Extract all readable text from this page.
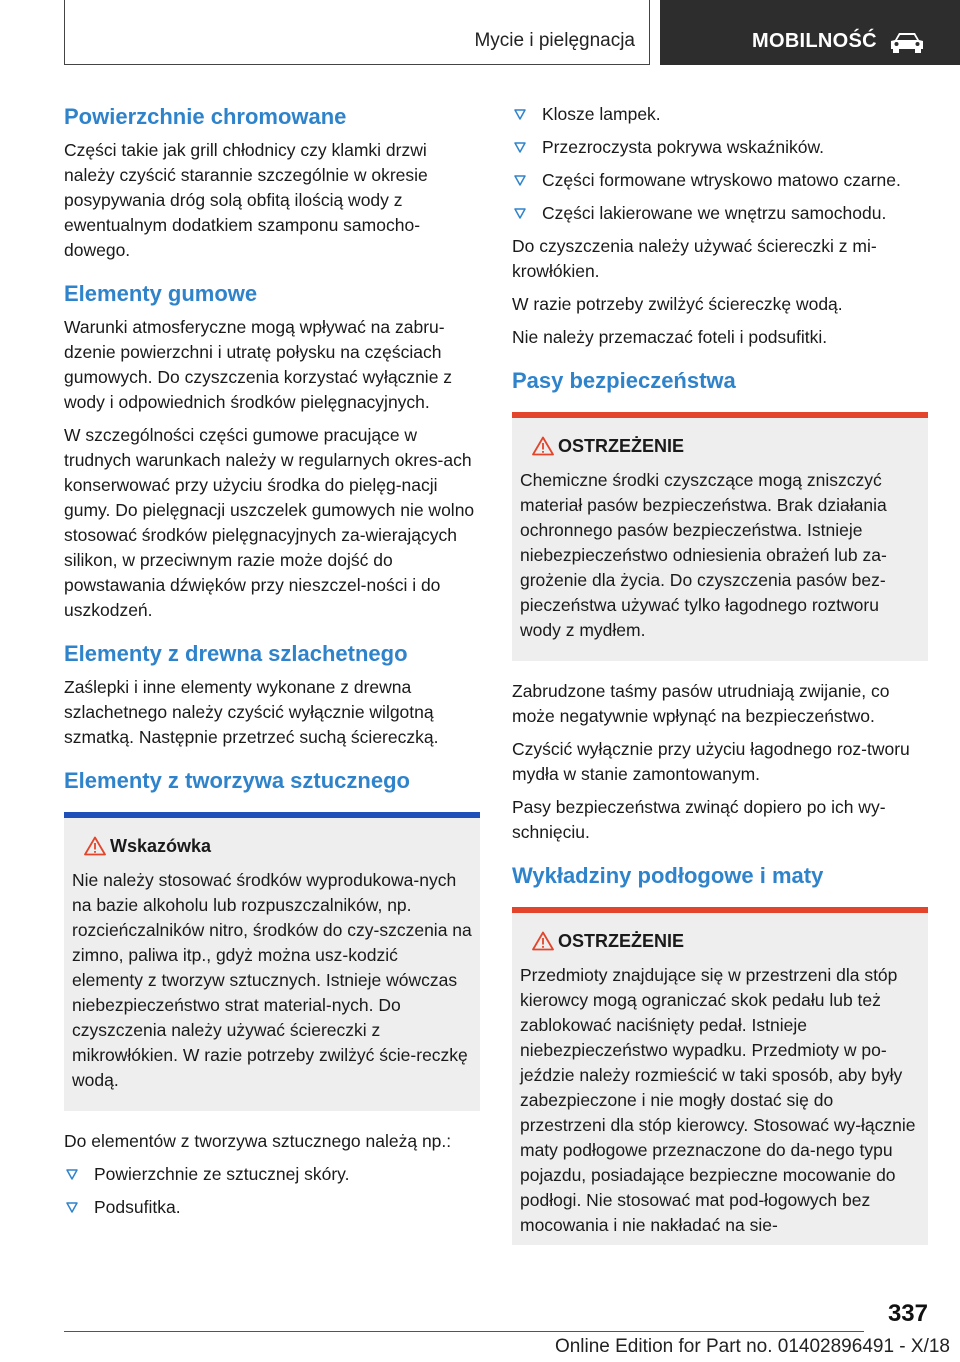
Mycie i pielęgnacja	MOBILNOŚĆ
Powierzchnie chromowane

Części takie jak grill chłodnicy czy klamki drzwi należy czyścić starannie szczególnie w okresie posypywania dróg solą obfitą ilością wody z ewentualnym dodatkiem szamponu samocho-dowego.

Elementy gumowe

Warunki atmosferyczne mogą wpływać na zabru-dzenie powierzchni i utratę połysku na częściach gumowych. Do czyszczenia korzystać wyłącznie z wody i odpowiednich środków pielęgnacyjnych.

W szczególności części gumowe pracujące w trudnych warunkach należy w regularnych okres-ach konserwować przy użyciu środka do pielęg-nacji gumy. Do pielęgnacji uszczelek gumowych nie wolno stosować środków pielęgnacyjnych za-wierających silikon, w przeciwnym razie może dojść do powstawania dźwięków przy nieszczel-ności i do uszkodzeń.

Elementy z drewna szlachetnego

Zaślepki i inne elementy wykonane z drewna szlachetnego należy czyścić wyłącznie wilgotną szmatką. Następnie przetrzeć suchą ściereczką.

Elementy z tworzywa sztucznego
Wskazówka

Nie należy stosować środków wyprodukowa-nych na bazie alkoholu lub rozpuszczalników, np. rozcieńczalników nitro, środków do czy-szczenia na zimno, paliwa itp., gdyż można usz-kodzić elementy z tworzyw sztucznych. Istnieje wówczas niebezpieczeństwo strat material-nych. Do czyszczenia należy używać ściereczki z mikrowłókien. W razie potrzeby zwilżyć ście-reczkę wodą.

Do elementów z tworzywa sztucznego należą np.:

Powierzchnie ze sztucznej skóry.
Podsufitka.
Klosze lampek.
Przezroczysta pokrywa wskaźników.
Części formowane wtryskowo matowo czarne.
Części lakierowane we wnętrzu samochodu.

Do czyszczenia należy używać ściereczki z mi-krowłókien.

W razie potrzeby zwilżyć ściereczkę wodą.

Nie należy przemaczać foteli i podsufitki.

Pasy bezpieczeństwa
OSTRZEŻENIE

Chemiczne środki czyszczące mogą zniszczyć materiał pasów bezpieczeństwa. Brak działania ochronnego pasów bezpieczeństwa. Istnieje niebezpieczeństwo odniesienia obrażeń lub za-grożenie dla życia. Do czyszczenia pasów bez-pieczeństwa używać tylko łagodnego roztworu wody z mydłem.

Zabrudzone taśmy pasów utrudniają zwijanie, co może negatywnie wpłynąć na bezpieczeństwo.

Czyścić wyłącznie przy użyciu łagodnego roz-tworu mydła w stanie zamontowanym.

Pasy bezpieczeństwa zwinąć dopiero po ich wy-schnięciu.

Wykładziny podłogowe i maty
OSTRZEŻENIE

Przedmioty znajdujące się w przestrzeni dla stóp kierowcy mogą ograniczać skok pedału lub też zablokować naciśnięty pedał. Istnieje niebezpieczeństwo wypadku. Przedmioty w po-jeździe należy rozmieścić w taki sposób, aby były zabezpieczone i nie mogły dostać się do przestrzeni dla stóp kierowcy. Stosować wy-łącznie maty podłogowe przeznaczone do da-nego typu pojazdu, posiadające bezpieczne mocowanie do podłogi. Nie stosować mat pod-łogowych bez mocowania i nie nakładać na sie-

337
Online Edition for Part no. 01402896491 - X/18
